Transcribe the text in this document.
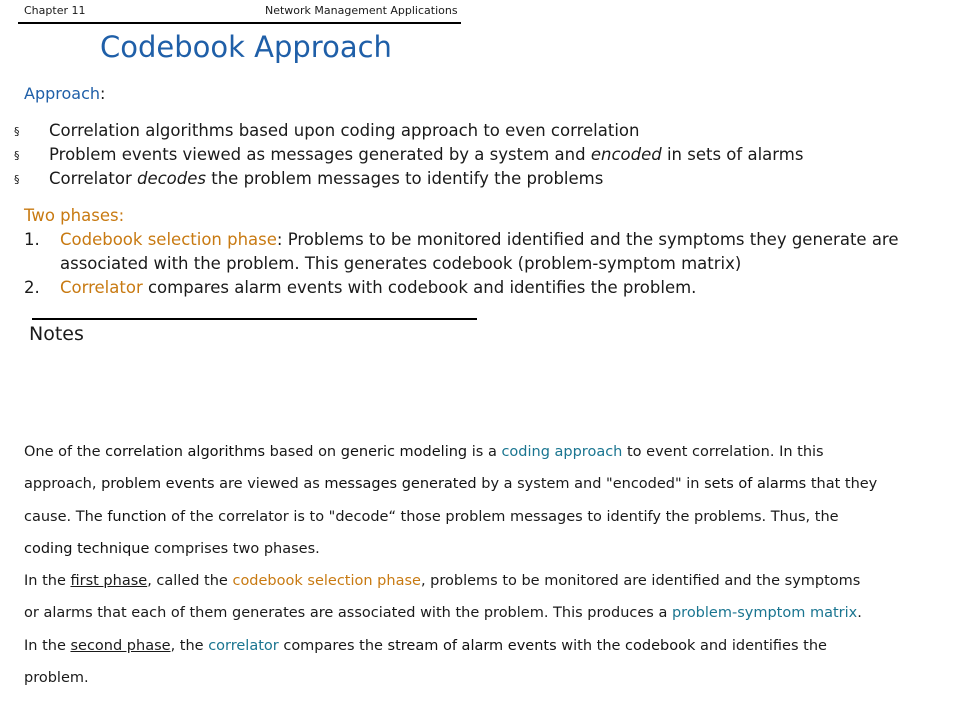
Chapter 11	Network Management Applications
Codebook Approach
Approach:
§ Correlation algorithms based upon coding approach to even correlation
§ Problem events viewed as messages generated by a system and encoded in sets of alarms
§ Correlator decodes the problem messages to identify the problems
Two phases:
1. Codebook selection phase: Problems to be monitored identified and the symptoms they generate are
associated with the problem. This generates codebook (problem-symptom matrix)
2. Correlator compares alarm events with codebook and identifies the problem.
Notes
One of the correlation algorithms based on generic modeling is a coding approach to event correlation. In this
approach, problem events are viewed as messages generated by a system and "encoded" in sets of alarms that they
cause. The function of the correlator is to "decode“ those problem messages to identify the problems. Thus, the
coding technique comprises two phases.
In the first phase, called the codebook selection phase, problems to be monitored are identified and the symptoms
or alarms that each of them generates are associated with the problem. This produces a problem-symptom matrix.
In the second phase, the correlator compares the stream of alarm events with the codebook and identifies the
problem.
